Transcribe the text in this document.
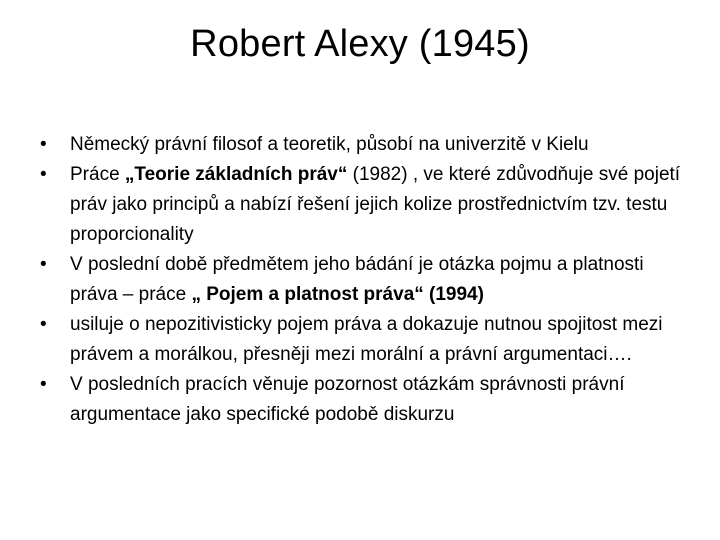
Robert Alexy (1945)
•	Německý právní filosof a teoretik, působí na univerzitě v Kielu
•	Práce „Teorie základních práv“ (1982) , ve které zdůvodňuje své pojetí práv jako principů a nabízí řešení jejich kolize prostřednictvím tzv. testu proporcionality
•	V poslední době předmětem jeho bádání je otázka pojmu a platnosti práva – práce „ Pojem a platnost práva“ (1994)
•	usiluje o nepozitivisticky pojem práva a dokazuje nutnou spojitost mezi právem a morálkou, přesněji mezi morální a právní argumentaci….
•	V posledních pracích věnuje pozornost otázkám správnosti právní argumentace jako specifické podobě diskurzu
